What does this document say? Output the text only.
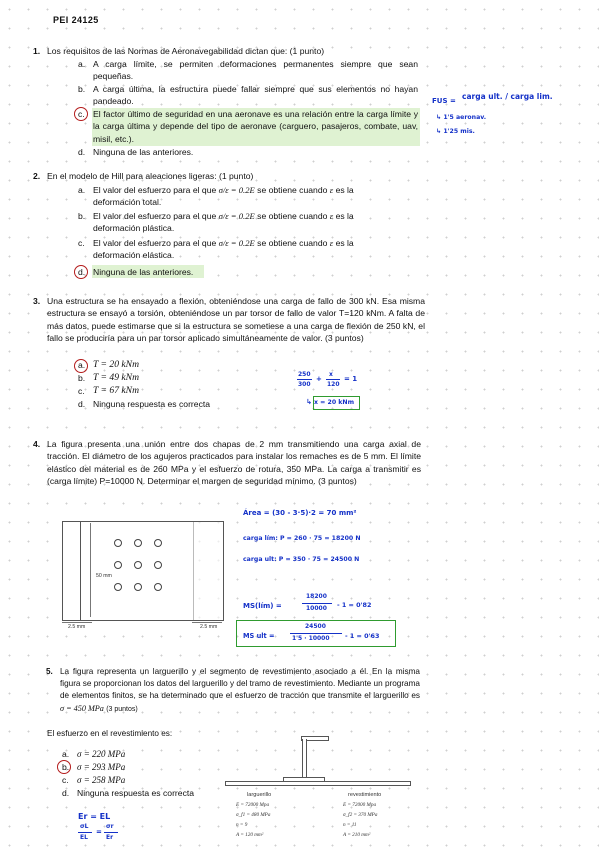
PEI 24125
1. Los requisitos de las Normas de Aeronavegabilidad dictan que: (1 punto)
a. A carga límite, se permiten deformaciones permanentes siempre que sean pequeñas.
b. A carga última, la estructura puede fallar siempre que sus elementos no hayan pandeado.
c. El factor último de seguridad en una aeronave es una relación entre la carga límite y la carga última y depende del tipo de aeronave (carguero, pasajeros, combate, uav, misil, etc.).
d. Ninguna de las anteriores.
FUS = carga ult. / carga lim.
↳ 1'5 aeronav.
↳ 1'25 mis.
2. En el modelo de Hill para aleaciones ligeras: (1 punto)
a. El valor del esfuerzo para el que σ/ε = 0.2E se obtiene cuando ε es la
deformación total.
b. El valor del esfuerzo para el que σ/ε = 0.2E se obtiene cuando ε es la
deformación plástica.
c. El valor del esfuerzo para el que σ/ε = 0.2E se obtiene cuando ε es la
deformación elástica.
d. Ninguna de las anteriores.
3. Una estructura se ha ensayado a flexión, obteniéndose una carga de fallo de 300 kN. Esa misma estructura se ensayó a torsión, obteniéndose un par torsor de fallo de valor T=120 kNm. A falta de más datos, puede estimarse que si la estructura se sometiese a una carga de flexión de 250 kN, el fallo se produciría para un par torsor aplicado simultáneamente de valor. (3 puntos)
a. T = 20 kNm
b. T = 49 kNm
c. T = 67 kNm
d. Ninguna respuesta es correcta
250
300
+
x
120
= 1
↳ x = 20 kNm
4. La figura presenta una unión entre dos chapas de 2 mm transmitiendo una carga axial de tracción. El diámetro de los agujeros practicados para instalar los remaches es de 5 mm. El límite elástico del material es de 260 MPa y el esfuerzo de rotura, 350 MPa. La carga a transmitir es (carga límite) P=10000 N. Determinar el margen de seguridad mínimo. (3 puntos)
50 mm
2.5 mm	2.5 mm
Área = (30 - 3·5)·2 = 70 mm²
carga lím: P = 260 · 75 = 18200 N
carga ult: P = 350 · 75 = 24500 N
MS(lím) =
18200
10000 - 1 = 0'82
MS ult =
24500
1'5 · 10000 - 1 = 0'63
5. La figura representa un larguerillo y el segmento de revestimiento asociado a él. En la misma figura se proporcionan los datos del larguerillo y del tramo de revestimiento. Mediante un programa de elementos finitos, se ha determinado que el esfuerzo de tracción que transmite el larguerillo es σ = 450 MPa (3 puntos)
El esfuerzo en el revestimiento es:
a. σ = 220 MPa
b. σ = 293 MPa
c. σ = 258 MPa
d. Ninguna respuesta es correcta	larguerillo	revestimiento
E = 72000 Mpa
σ_f1 = 480 MPa
n = 9
A = 120 mm²
E = 72000 Mpa
σ_f2 = 370 MPa
n = 11
A = 210 mm²
Er = EL
σL
EL
=
σr
Er
